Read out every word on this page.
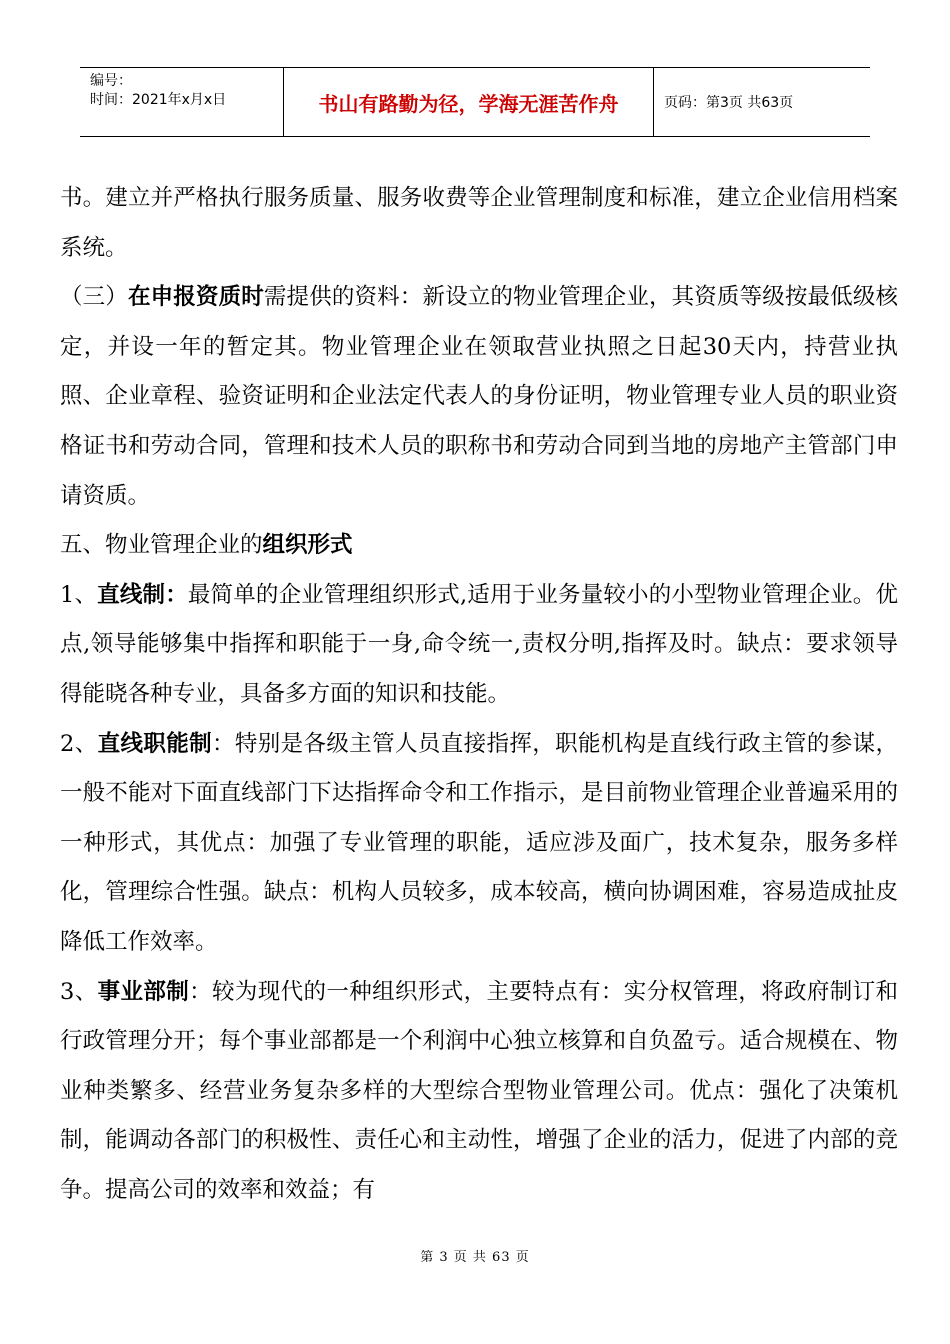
编号：
时间：2021年x月x日	书山有路勤为径，学海无涯苦作舟	页码：第3页 共63页

书。建立并严格执行服务质量、服务收费等企业管理制度和标准，建立企业信用档案系统。

（三）在申报资质时需提供的资料：新设立的物业管理企业，其资质等级按最低级核定，并设一年的暂定其。物业管理企业在领取营业执照之日起30天内，持营业执照、企业章程、验资证明和企业法定代表人的身份证明，物业管理专业人员的职业资格证书和劳动合同，管理和技术人员的职称书和劳动合同到当地的房地产主管部门申请资质。

五、物业管理企业的组织形式

1、直线制：最简单的企业管理组织形式,适用于业务量较小的小型物业管理企业。优点,领导能够集中指挥和职能于一身,命令统一,责权分明,指挥及时。缺点：要求领导得能晓各种专业，具备多方面的知识和技能。

2、直线职能制：特别是各级主管人员直接指挥，职能机构是直线行政主管的参谋，一般不能对下面直线部门下达指挥命令和工作指示，是目前物业管理企业普遍采用的一种形式，其优点：加强了专业管理的职能，适应涉及面广，技术复杂，服务多样化，管理综合性强。缺点：机构人员较多，成本较高，横向协调困难，容易造成扯皮降低工作效率。

3、事业部制：较为现代的一种组织形式，主要特点有：实分权管理，将政府制订和行政管理分开；每个事业部都是一个利润中心独立核算和自负盈亏。适合规模在、物业种类繁多、经营业务复杂多样的大型综合型物业管理公司。优点：强化了决策机制，能调动各部门的积极性、责任心和主动性，增强了企业的活力，促进了内部的竞争。提高公司的效率和效益；有

第 3 页 共 63 页
